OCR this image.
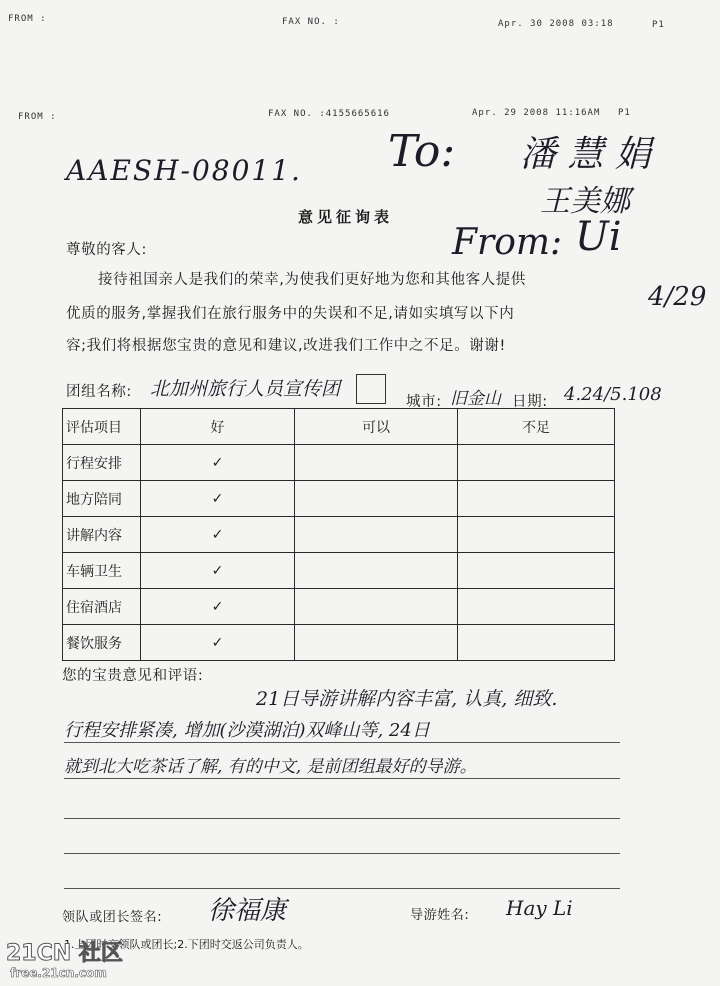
FROM :	FAX NO. :	Apr. 30 2008 03:18	P1
FROM :	FAX NO. :4155665616	Apr. 29 2008 11:16AM P1
AAESH-08011. To: 潘 慧 娟
王美娜
From: Ui
4/29
意见征询表
尊敬的客人:
接待祖国亲人是我们的荣幸,为使我们更好地为您和其他客人提供
优质的服务,掌握我们在旅行服务中的失误和不足,请如实填写以下内
容;我们将根据您宝贵的意见和建议,改进我们工作中之不足。谢谢!
团组名称: 北加州旅行人员宣传团
城市: 旧金山 日期: 4.24/5.108
评估项目	好	可以	不足
行程安排	✓		
地方陪同	✓		
讲解内容	✓		
车辆卫生	✓		
住宿酒店	✓		
餐饮服务	✓		
您的宝贵意见和评语:
21日导游讲解内容丰富, 认真, 细致.
行程安排紧凑, 增加(沙漠湖泊)双峰山等, 24日
就到北大吃茶话了解, 有的中文, 是前团组最好的导游。
领队或团长签名: 徐福康	导游姓名: Hay Li
1.上团时交领队或团长;2.下团时交返公司负责人。
21CN 社区
free.21cn.com
